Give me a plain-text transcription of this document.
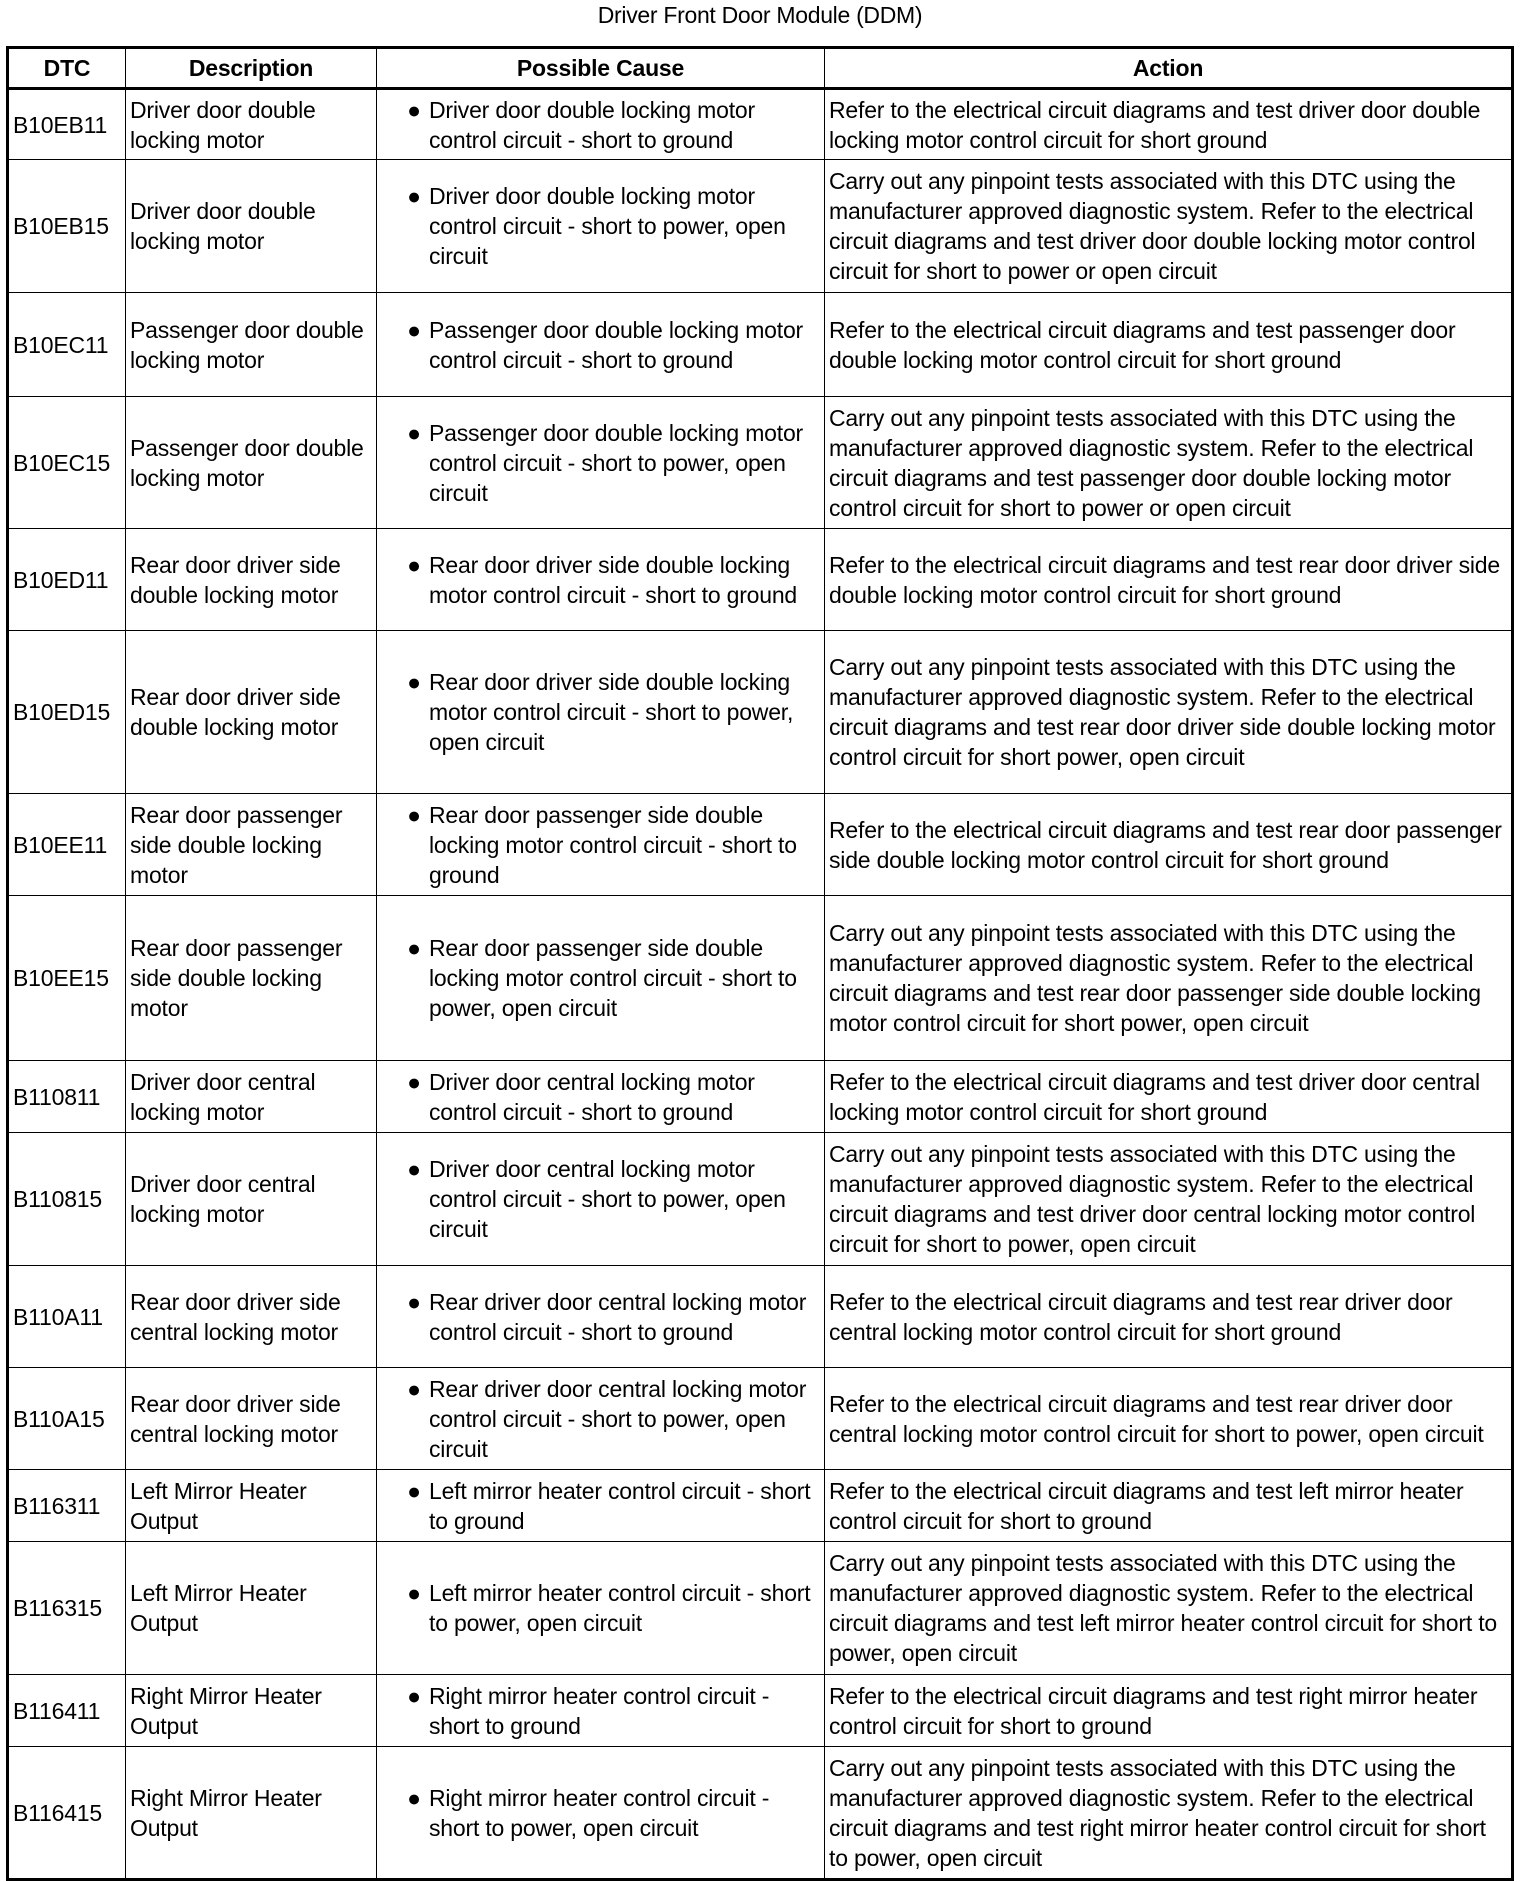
Driver Front Door Module (DDM)
DTC	Description	Possible Cause	Action
B10EB11	Driver door double locking motor	● Driver door double locking motor control circuit - short to ground	Refer to the electrical circuit diagrams and test driver door double locking motor control circuit for short ground
B10EB15	Driver door double locking motor	● Driver door double locking motor control circuit - short to power, open circuit	Carry out any pinpoint tests associated with this DTC using the manufacturer approved diagnostic system. Refer to the electrical circuit diagrams and test driver door double locking motor control circuit for short to power or open circuit
B10EC11	Passenger door double locking motor	● Passenger door double locking motor control circuit - short to ground	Refer to the electrical circuit diagrams and test passenger door double locking motor control circuit for short ground
B10EC15	Passenger door double locking motor	● Passenger door double locking motor control circuit - short to power, open circuit	Carry out any pinpoint tests associated with this DTC using the manufacturer approved diagnostic system. Refer to the electrical circuit diagrams and test passenger door double locking motor control circuit for short to power or open circuit
B10ED11	Rear door driver side double locking motor	● Rear door driver side double locking motor control circuit - short to ground	Refer to the electrical circuit diagrams and test rear door driver side double locking motor control circuit for short ground
B10ED15	Rear door driver side double locking motor	● Rear door driver side double locking motor control circuit - short to power, open circuit	Carry out any pinpoint tests associated with this DTC using the manufacturer approved diagnostic system. Refer to the electrical circuit diagrams and test rear door driver side double locking motor control circuit for short power, open circuit
B10EE11	Rear door passenger side double locking motor	● Rear door passenger side double locking motor control circuit - short to ground	Refer to the electrical circuit diagrams and test rear door passenger side double locking motor control circuit for short ground
B10EE15	Rear door passenger side double locking motor	● Rear door passenger side double locking motor control circuit - short to power, open circuit	Carry out any pinpoint tests associated with this DTC using the manufacturer approved diagnostic system. Refer to the electrical circuit diagrams and test rear door passenger side double locking motor control circuit for short power, open circuit
B110811	Driver door central locking motor	● Driver door central locking motor control circuit - short to ground	Refer to the electrical circuit diagrams and test driver door central locking motor control circuit for short ground
B110815	Driver door central locking motor	● Driver door central locking motor control circuit - short to power, open circuit	Carry out any pinpoint tests associated with this DTC using the manufacturer approved diagnostic system. Refer to the electrical circuit diagrams and test driver door central locking motor control circuit for short to power, open circuit
B110A11	Rear door driver side central locking motor	● Rear driver door central locking motor control circuit - short to ground	Refer to the electrical circuit diagrams and test rear driver door central locking motor control circuit for short ground
B110A15	Rear door driver side central locking motor	● Rear driver door central locking motor control circuit - short to power, open circuit	Refer to the electrical circuit diagrams and test rear driver door central locking motor control circuit for short to power, open circuit
B116311	Left Mirror Heater Output	● Left mirror heater control circuit - short to ground	Refer to the electrical circuit diagrams and test left mirror heater control circuit for short to ground
B116315	Left Mirror Heater Output	● Left mirror heater control circuit - short to power, open circuit	Carry out any pinpoint tests associated with this DTC using the manufacturer approved diagnostic system. Refer to the electrical circuit diagrams and test left mirror heater control circuit for short to power, open circuit
B116411	Right Mirror Heater Output	● Right mirror heater control circuit - short to ground	Refer to the electrical circuit diagrams and test right mirror heater control circuit for short to ground
B116415	Right Mirror Heater Output	● Right mirror heater control circuit - short to power, open circuit	Carry out any pinpoint tests associated with this DTC using the manufacturer approved diagnostic system. Refer to the electrical circuit diagrams and test right mirror heater control circuit for short to power, open circuit
